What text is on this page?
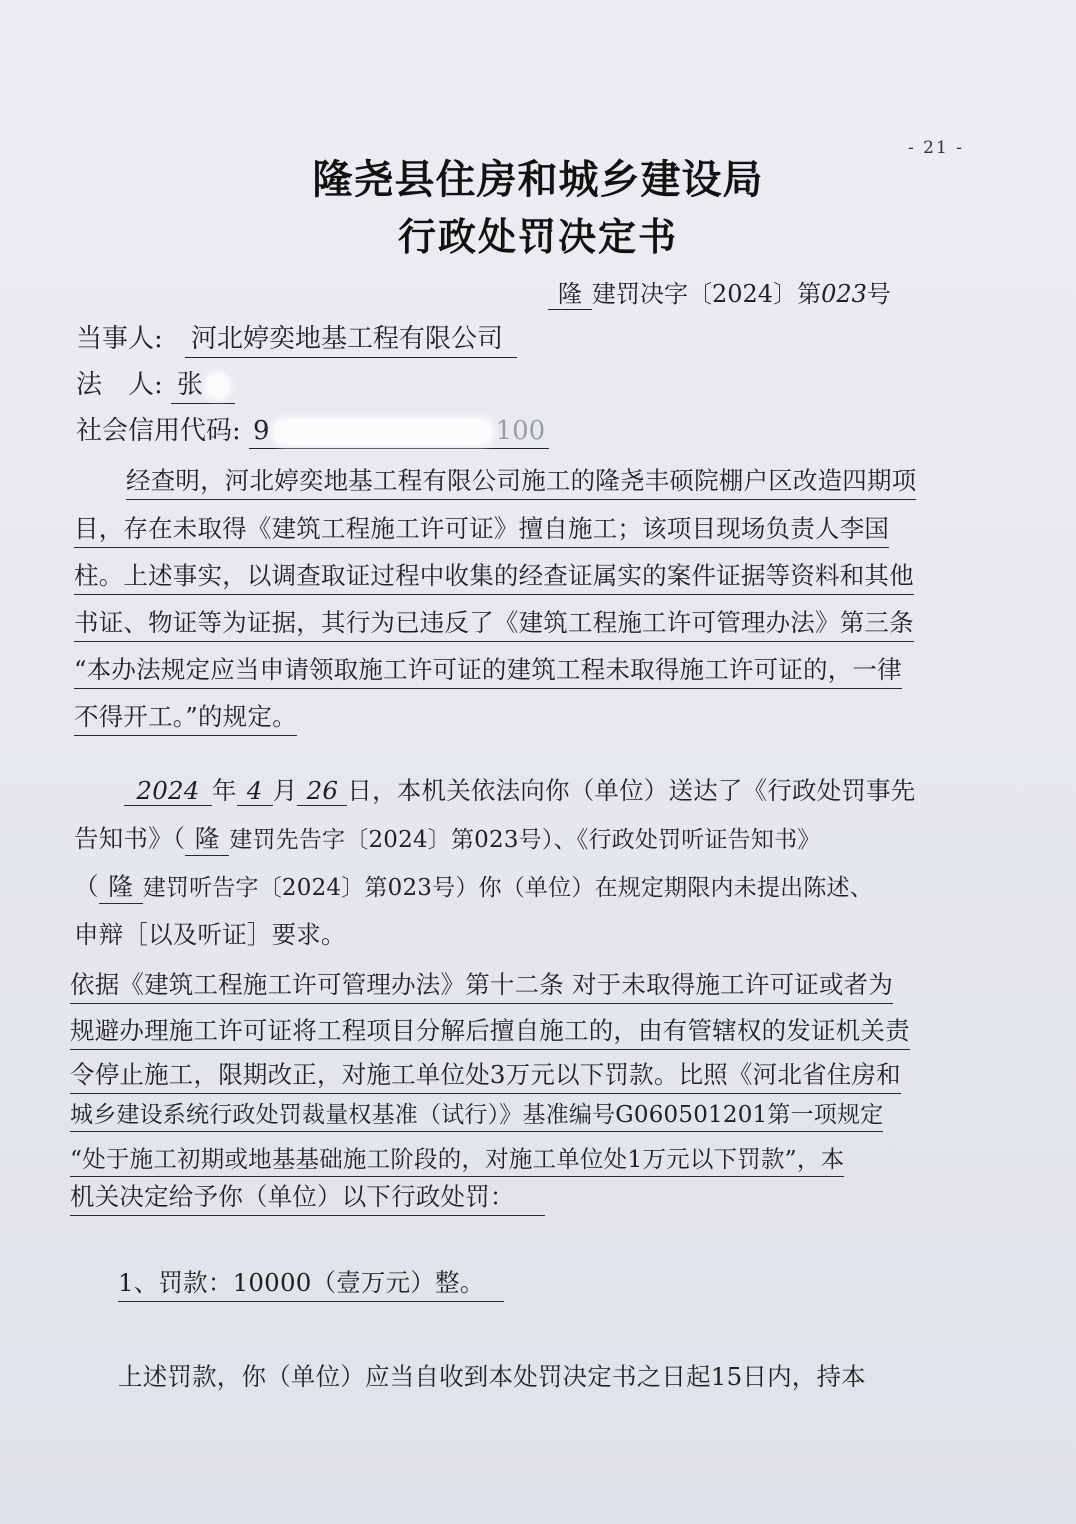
- 21 -
隆尧县住房和城乡建设局
行政处罚决定书
隆 建罚决字〔2024〕第023号
当事人: 河北婷奕地基工程有限公司
法　人: 张
社会信用代码: 9	100
经查明，河北婷奕地基工程有限公司施工的隆尧丰硕院棚户区改造四期项
目，存在未取得《建筑工程施工许可证》擅自施工；该项目现场负责人李国
柱。上述事实，以调查取证过程中收集的经查证属实的案件证据等资料和其他
书证、物证等为证据，其行为已违反了《建筑工程施工许可管理办法》第三条
“本办法规定应当申请领取施工许可证的建筑工程未取得施工许可证的，一律
不得开工。”的规定。
2024 年 4 月 26 日，本机关依法向你（单位）送达了《行政处罚事先
告知书》（ 隆 建罚先告字〔2024〕第023号）、《行政处罚听证告知书》
（ 隆 建罚听告字〔2024〕第023号）你（单位）在规定期限内未提出陈述、
申辩［以及听证］要求。
依据《建筑工程施工许可管理办法》第十二条 对于未取得施工许可证或者为
规避办理施工许可证将工程项目分解后擅自施工的，由有管辖权的发证机关责
令停止施工，限期改正，对施工单位处3万元以下罚款。比照《河北省住房和
城乡建设系统行政处罚裁量权基准（试行）》基准编号G060501201第一项规定
“处于施工初期或地基基础施工阶段的，对施工单位处1万元以下罚款”，本
机关决定给予你（单位）以下行政处罚：
1、罚款：10000（壹万元）整。
上述罚款，你（单位）应当自收到本处罚决定书之日起15日内，持本
